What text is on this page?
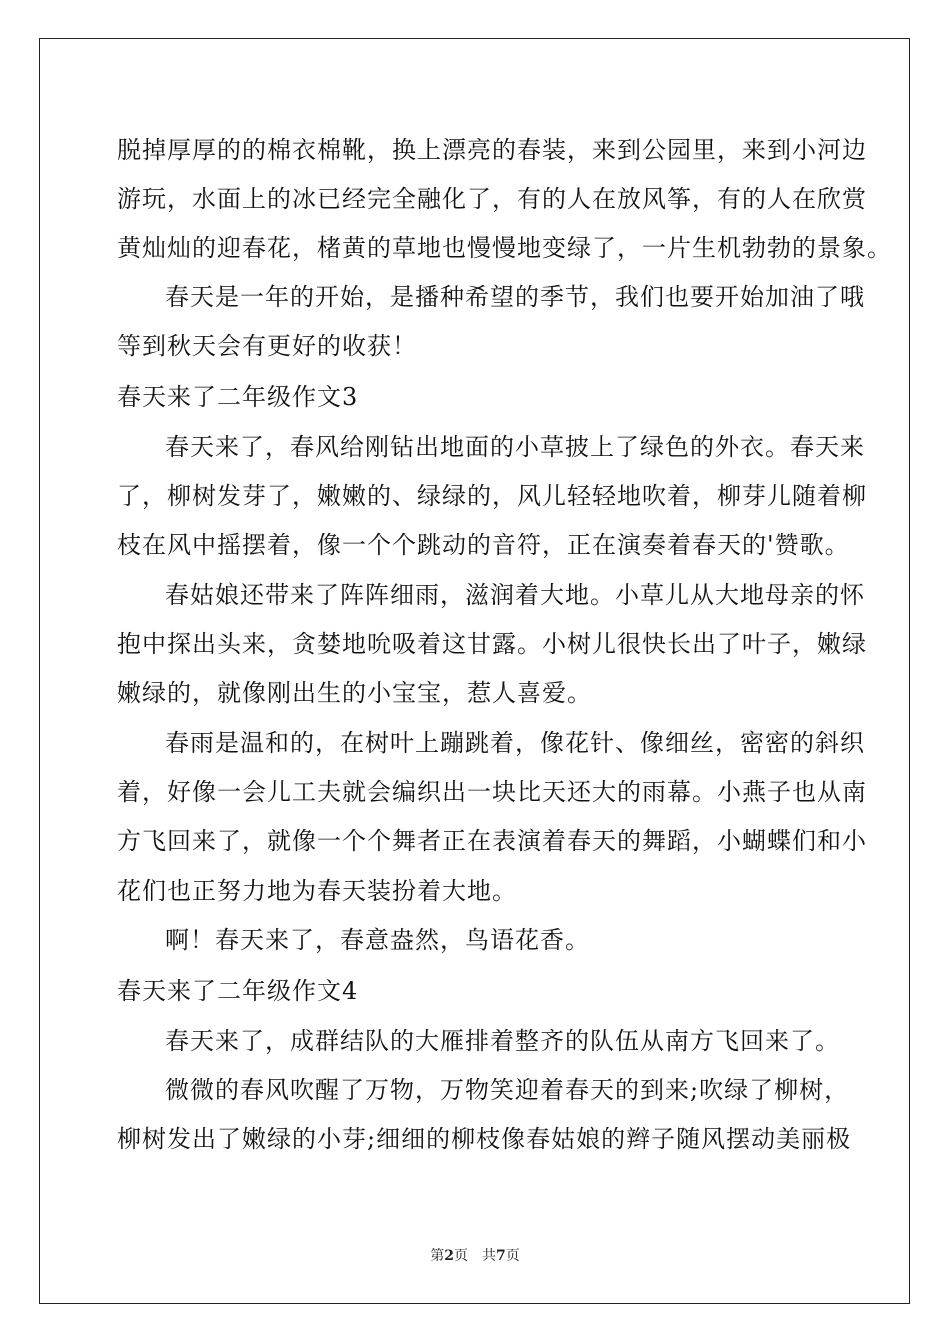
脱掉厚厚的的棉衣棉靴，换上漂亮的春装，来到公园里，来到小河边

游玩，水面上的冰已经完全融化了，有的人在放风筝，有的人在欣赏

黄灿灿的迎春花，楮黄的草地也慢慢地变绿了，一片生机勃勃的景象。

春天是一年的开始，是播种希望的季节，我们也要开始加油了哦

等到秋天会有更好的收获！

春天来了二年级作文3

春天来了，春风给刚钻出地面的小草披上了绿色的外衣。春天来

了，柳树发芽了，嫩嫩的、绿绿的，风儿轻轻地吹着，柳芽儿随着柳

枝在风中摇摆着，像一个个跳动的音符，正在演奏着春天的'赞歌。

春姑娘还带来了阵阵细雨，滋润着大地。小草儿从大地母亲的怀

抱中探出头来，贪婪地吮吸着这甘露。小树儿很快长出了叶子，嫩绿

嫩绿的，就像刚出生的小宝宝，惹人喜爱。

春雨是温和的，在树叶上蹦跳着，像花针、像细丝，密密的斜织

着，好像一会儿工夫就会编织出一块比天还大的雨幕。小燕子也从南

方飞回来了，就像一个个舞者正在表演着春天的舞蹈，小蝴蝶们和小

花们也正努力地为春天装扮着大地。

啊！春天来了，春意盎然，鸟语花香。

春天来了二年级作文4

春天来了，成群结队的大雁排着整齐的队伍从南方飞回来了。

微微的春风吹醒了万物，万物笑迎着春天的到来;吹绿了柳树，

柳树发出了嫩绿的小芽;细细的柳枝像春姑娘的辫子随风摆动美丽极

第2页 共7页
